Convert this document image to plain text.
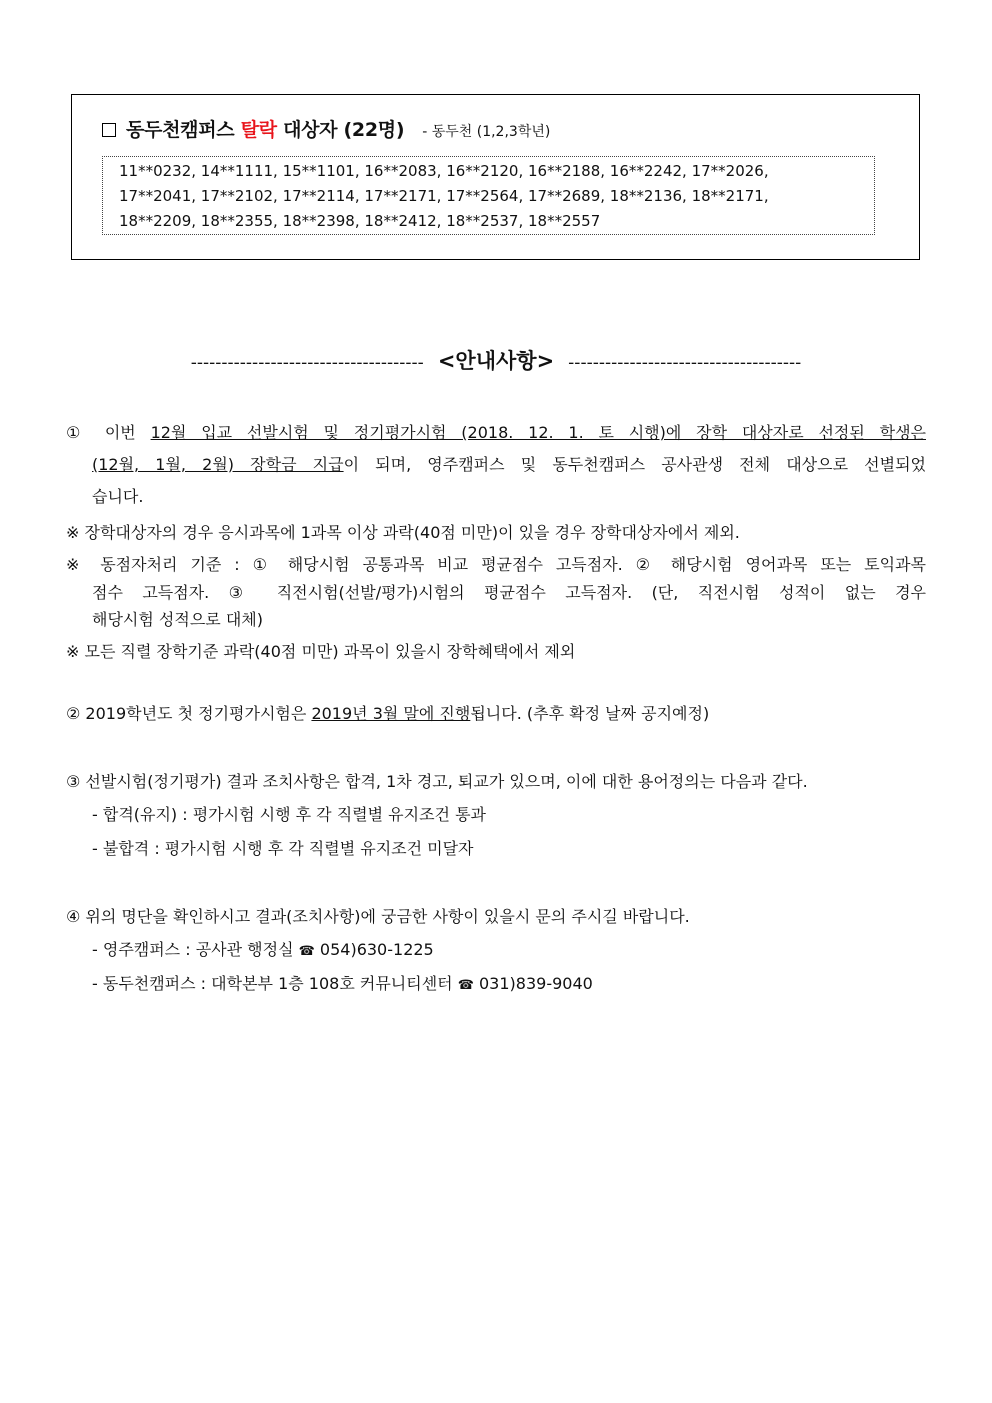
동두천캠퍼스 탈락 대상자 (22명) - 동두천 (1,2,3학년)
11**0232, 14**1111, 15**1101, 16**2083, 16**2120, 16**2188, 16**2242, 17**2026,
17**2041, 17**2102, 17**2114, 17**2171, 17**2564, 17**2689, 18**2136, 18**2171,
18**2209, 18**2355, 18**2398, 18**2412, 18**2537, 18**2557
-------------------------------------- <안내사항> --------------------------------------
① 이번 12월 입교 선발시험 및 정기평가시험 (2018. 12. 1. 토 시행)에 장학 대상자로 선정된 학생은
(12월, 1월, 2월) 장학금 지급이 되며, 영주캠퍼스 및 동두천캠퍼스 공사관생 전체 대상으로 선별되었
습니다.
※ 장학대상자의 경우 응시과목에 1과목 이상 과락(40점 미만)이 있을 경우 장학대상자에서 제외.
※ 동점자처리 기준 : ① 해당시험 공통과목 비교 평균점수 고득점자. ② 해당시험 영어과목 또는 토익과목
점수 고득점자. ③ 직전시험(선발/평가)시험의 평균점수 고득점자. (단, 직전시험 성적이 없는 경우
해당시험 성적으로 대체)
※ 모든 직렬 장학기준 과락(40점 미만) 과목이 있을시 장학혜택에서 제외
② 2019학년도 첫 정기평가시험은 2019년 3월 말에 진행됩니다. (추후 확정 날짜 공지예정)
③ 선발시험(정기평가) 결과 조치사항은 합격, 1차 경고, 퇴교가 있으며, 이에 대한 용어정의는 다음과 같다.
- 합격(유지) : 평가시험 시행 후 각 직렬별 유지조건 통과
- 불합격 : 평가시험 시행 후 각 직렬별 유지조건 미달자
④ 위의 명단을 확인하시고 결과(조치사항)에 궁금한 사항이 있을시 문의 주시길 바랍니다.
- 영주캠퍼스 : 공사관 행정실 ☎ 054)630-1225
- 동두천캠퍼스 : 대학본부 1층 108호 커뮤니티센터 ☎ 031)839-9040
